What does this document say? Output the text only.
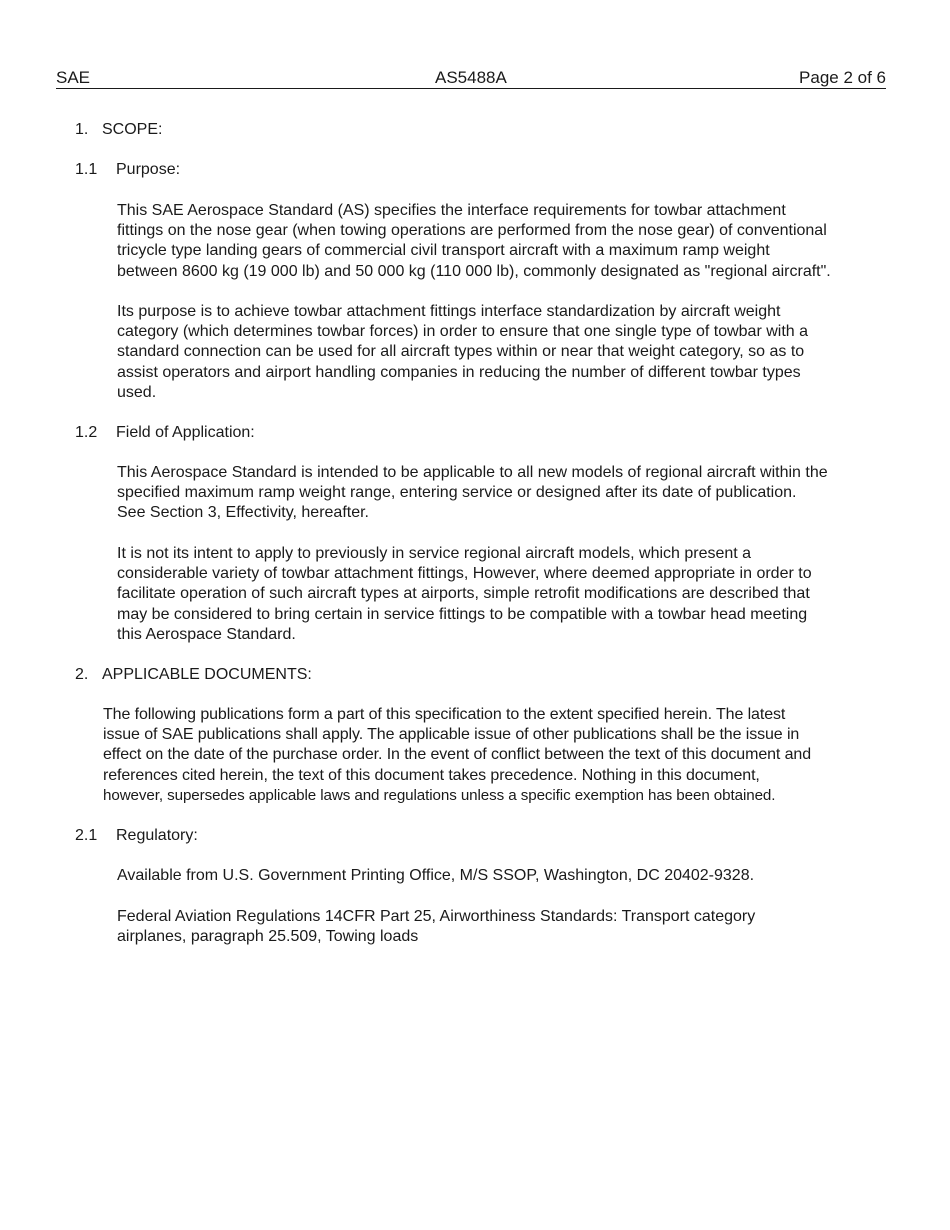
SAE	AS5488A	Page 2 of 6
1. SCOPE:
1.1 Purpose:
This SAE Aerospace Standard (AS) specifies the interface requirements for towbar attachment
fittings on the nose gear (when towing operations are performed from the nose gear) of conventional
tricycle type landing gears of commercial civil transport aircraft with a maximum ramp weight
between 8600 kg (19 000 lb) and 50 000 kg (110 000 lb), commonly designated as "regional aircraft".
Its purpose is to achieve towbar attachment fittings interface standardization by aircraft weight
category (which determines towbar forces) in order to ensure that one single type of towbar with a
standard connection can be used for all aircraft types within or near that weight category, so as to
assist operators and airport handling companies in reducing the number of different towbar types
used.
1.2 Field of Application:
This Aerospace Standard is intended to be applicable to all new models of regional aircraft within the
specified maximum ramp weight range, entering service or designed after its date of publication.
See Section 3, Effectivity, hereafter.
It is not its intent to apply to previously in service regional aircraft models, which present a
considerable variety of towbar attachment fittings, However, where deemed appropriate in order to
facilitate operation of such aircraft types at airports, simple retrofit modifications are described that
may be considered to bring certain in service fittings to be compatible with a towbar head meeting
this Aerospace Standard.
2. APPLICABLE DOCUMENTS:
The following publications form a part of this specification to the extent specified herein. The latest
issue of SAE publications shall apply. The applicable issue of other publications shall be the issue in
effect on the date of the purchase order. In the event of conflict between the text of this document and
references cited herein, the text of this document takes precedence. Nothing in this document,
however, supersedes applicable laws and regulations unless a specific exemption has been obtained.
2.1 Regulatory:
Available from U.S. Government Printing Office, M/S SSOP, Washington, DC 20402-9328.
Federal Aviation Regulations 14CFR Part 25, Airworthiness Standards: Transport category
airplanes, paragraph 25.509, Towing loads
